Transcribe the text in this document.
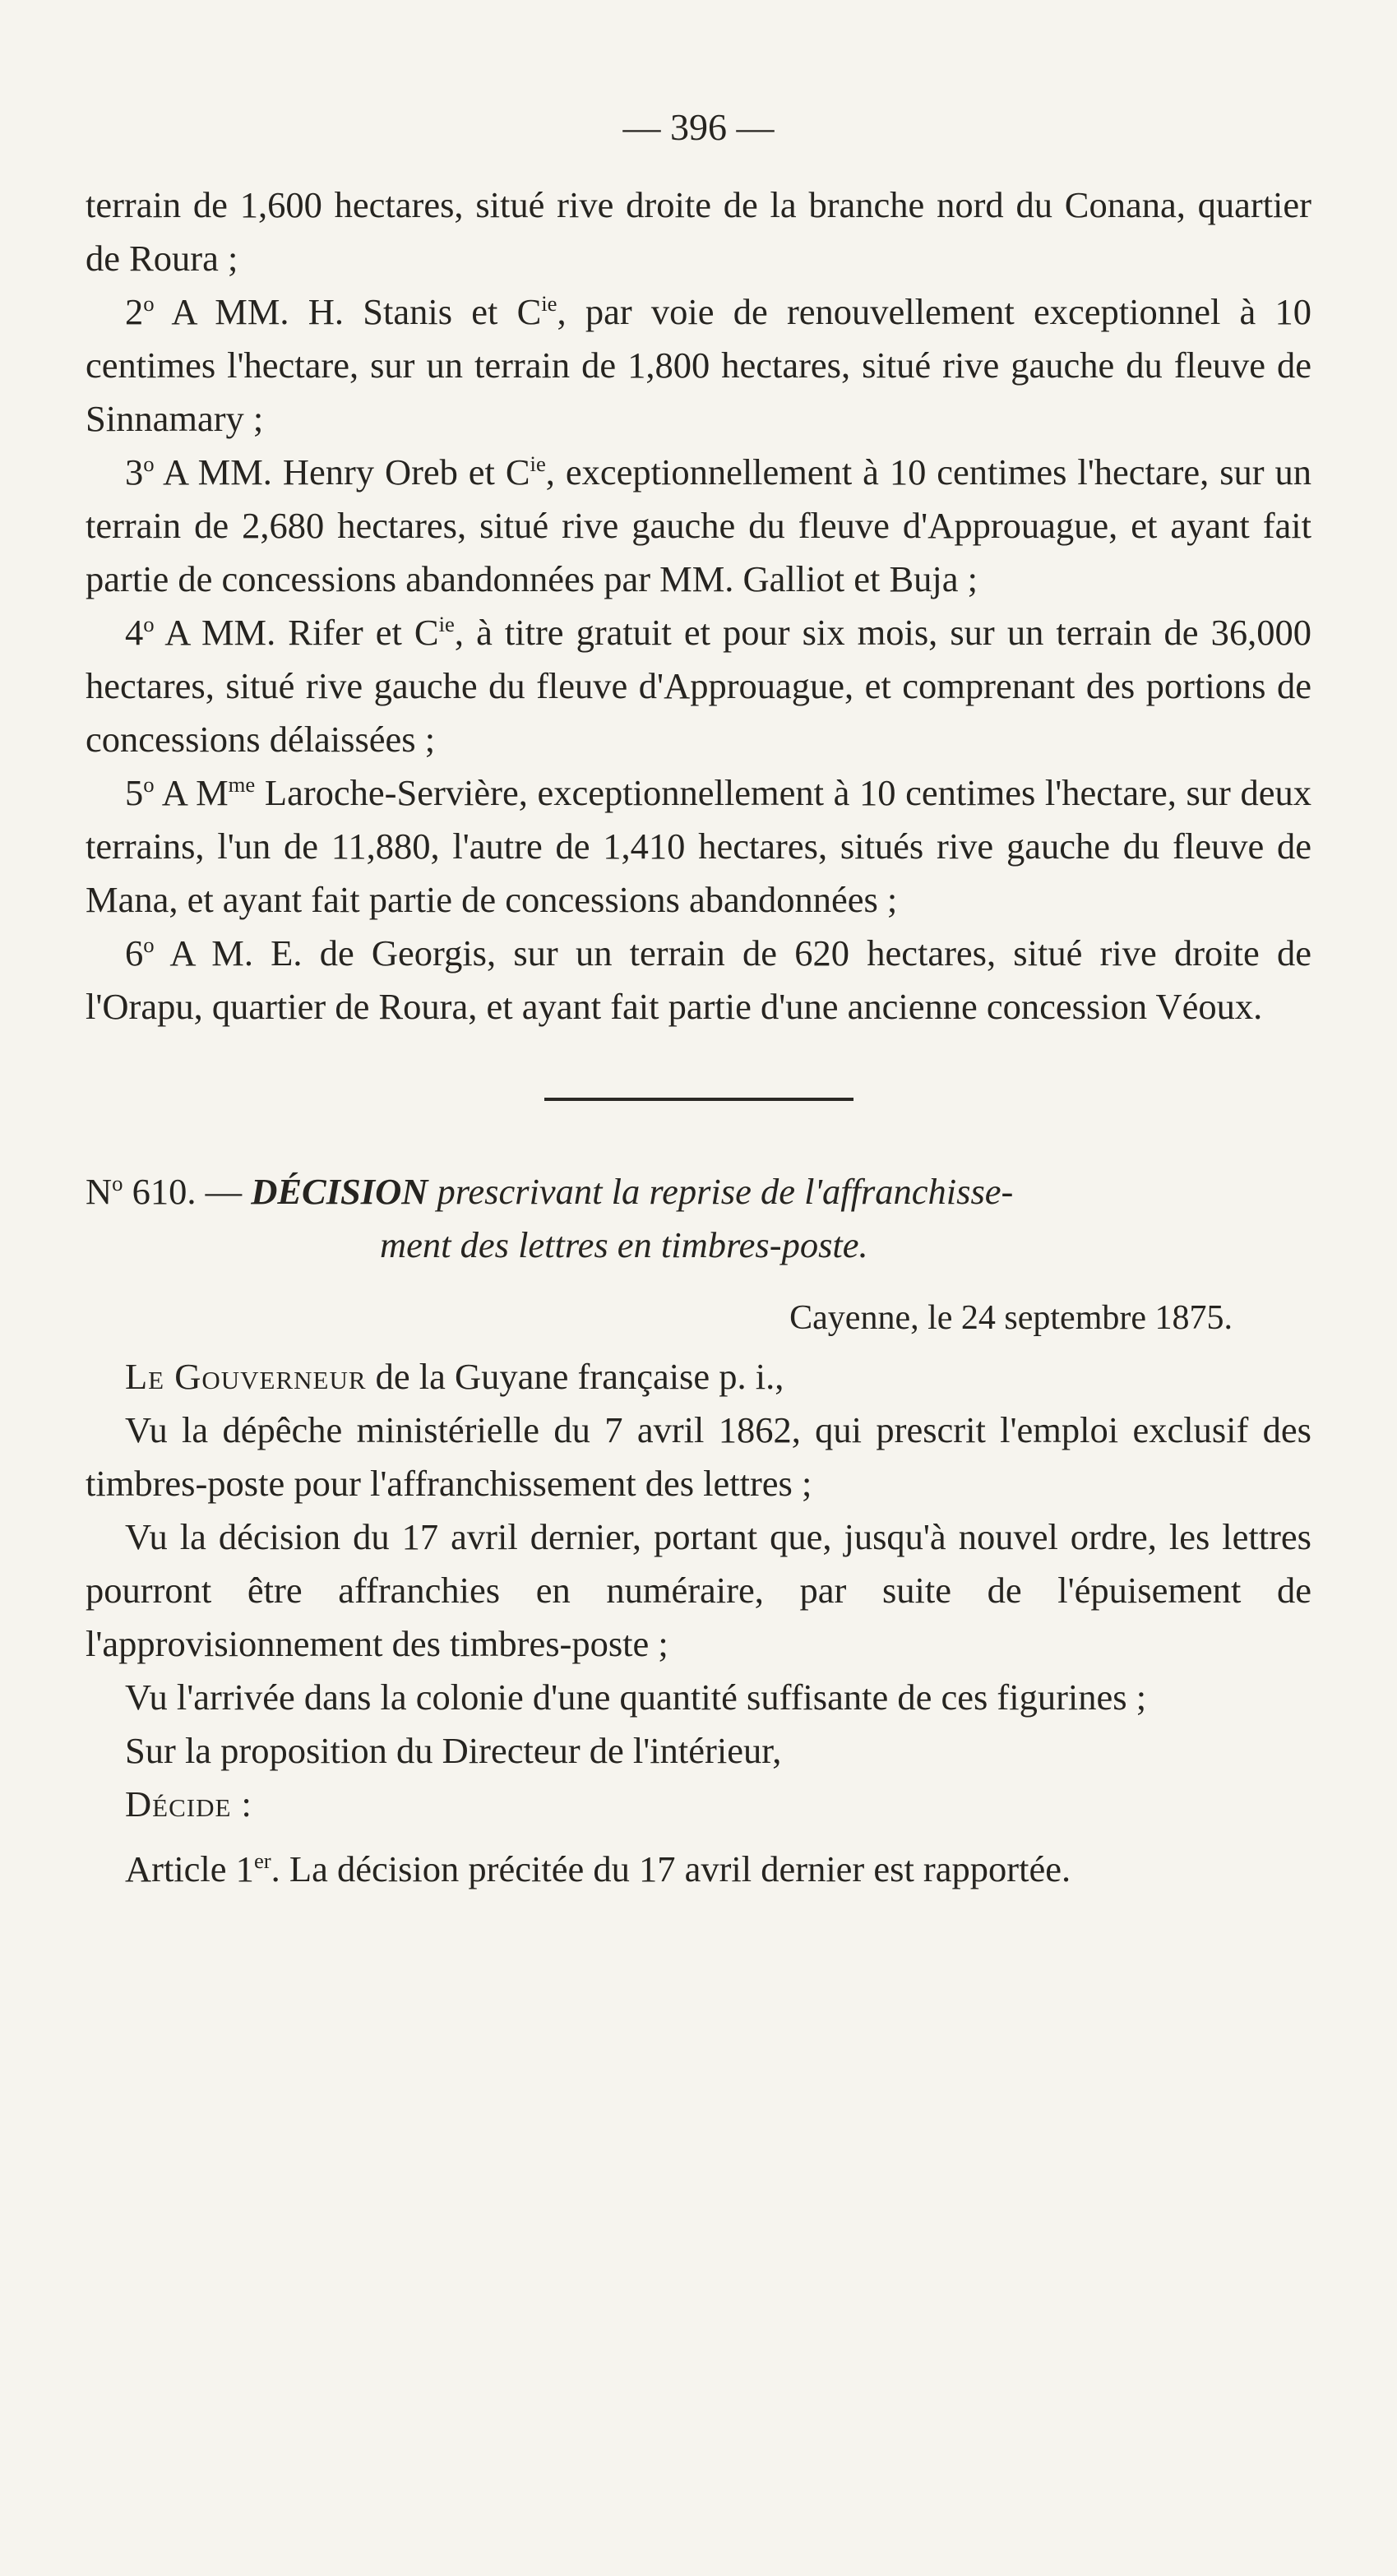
— 396 —

terrain de 1,600 hectares, situé rive droite de la branche nord du Conana, quartier de Roura ;

2$^o$ A MM. H. Stanis et $C^{ie}$, par voie de renouvellement exceptionnel à 10 centimes l'hectare, sur un terrain de 1,800 hectares, situé rive gauche du fleuve de Sinnamary ;

3$^o$ A MM. Henry Oreb et $C^{ie}$, exceptionnellement à 10 centimes l'hectare, sur un terrain de 2,680 hectares, situé rive gauche du fleuve d'Approuague, et ayant fait partie de concessions abandonnées par MM. Galliot et Buja ;

4$^o$ A MM. Rifer et $C^{ie}$, à titre gratuit et pour six mois, sur un terrain de 36,000 hectares, situé rive gauche du fleuve d'Approuague, et comprenant des portions de concessions délaissées ;

5$^o$ A $M^{me}$ Laroche-Servière, exceptionnellement à 10 centimes l'hectare, sur deux terrains, l'un de 11,880, l'autre de 1,410 hectares, situés rive gauche du fleuve de Mana, et ayant fait partie de concessions abandonnées ;

6$^o$ A M. E. de Georgis, sur un terrain de 620 hectares, situé rive droite de l'Orapu, quartier de Roura, et ayant fait partie d'une ancienne concession Véoux.

$N^o$ 610. — DÉCISION prescrivant la reprise de l'affranchisse-
ment des lettres en timbres-poste.
Cayenne, le 24 septembre 1875.

Le Gouverneur de la Guyane française p. i.,

Vu la dépêche ministérielle du 7 avril 1862, qui prescrit l'emploi exclusif des timbres-poste pour l'affranchissement des lettres ;

Vu la décision du 17 avril dernier, portant que, jusqu'à nouvel ordre, les lettres pourront être affranchies en numéraire, par suite de l'épuisement de l'approvisionnement des timbres-poste ;

Vu l'arrivée dans la colonie d'une quantité suffisante de ces figurines ;

Sur la proposition du Directeur de l'intérieur,

Décide :

Article 1er. La décision précitée du 17 avril dernier est rapportée.
